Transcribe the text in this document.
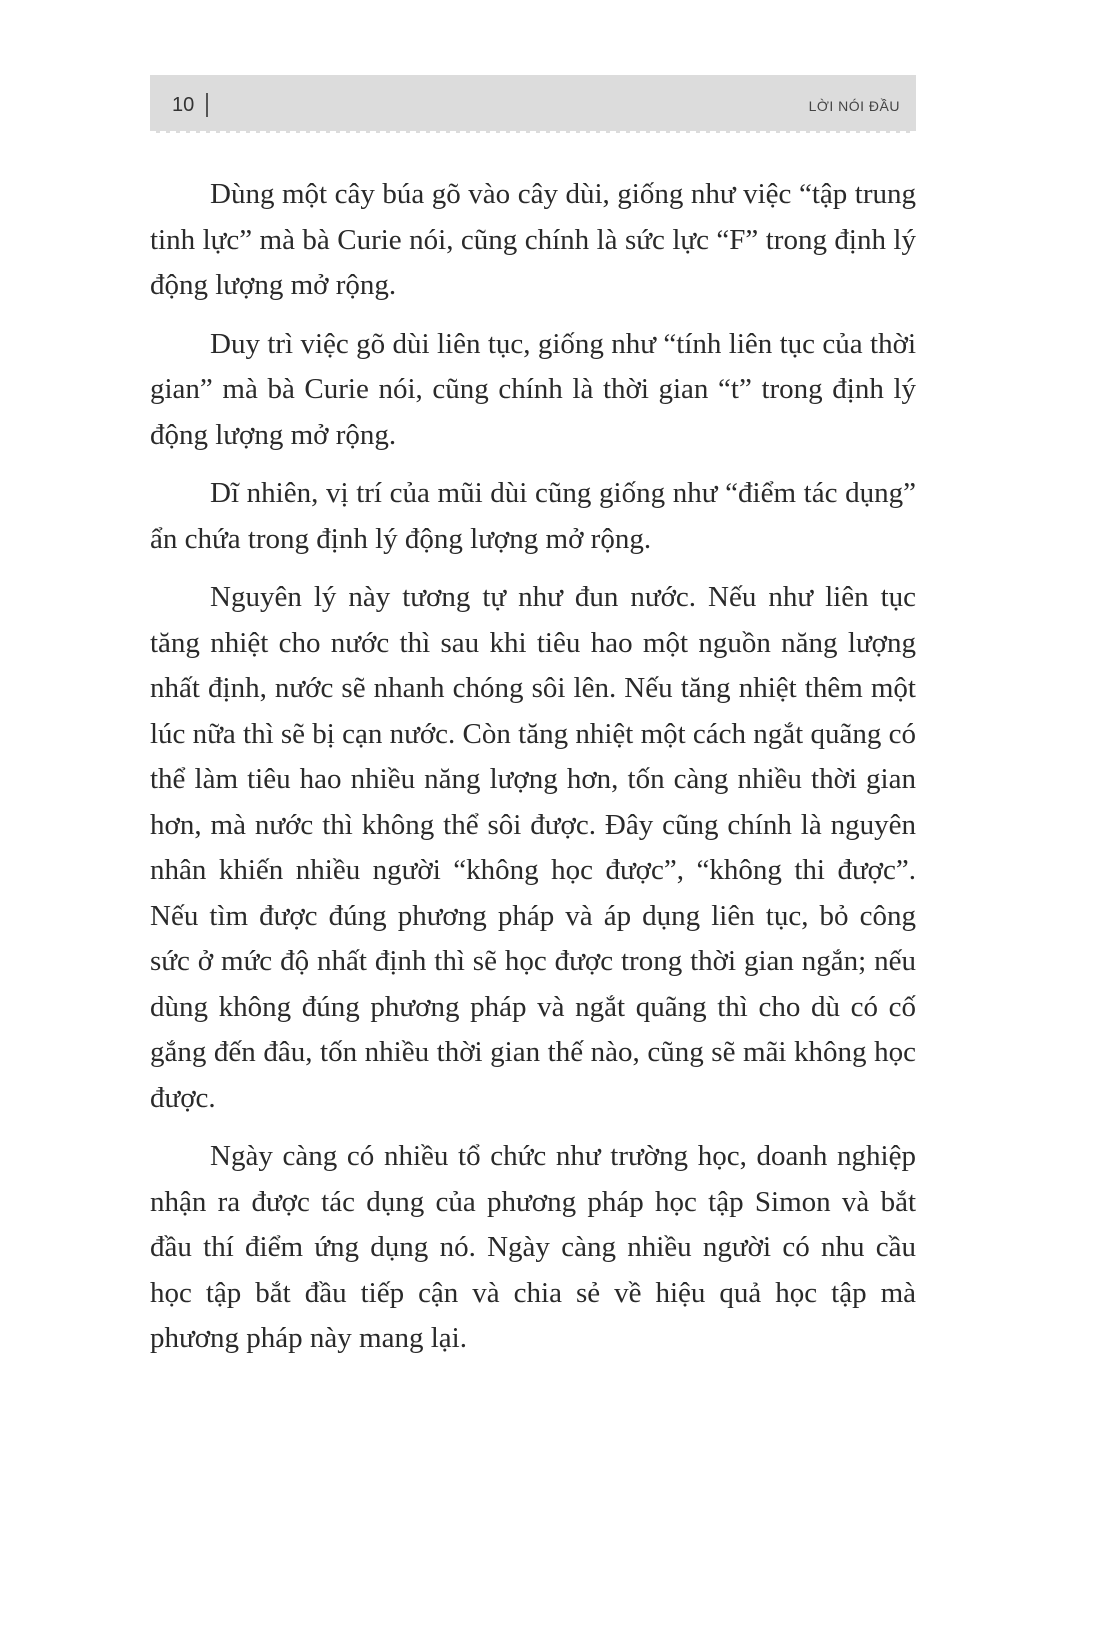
10	LỜI NÓI ĐẦU

Dùng một cây búa gõ vào cây dùi, giống như việc “tập trung tinh lực” mà bà Curie nói, cũng chính là sức lực “F” trong định lý động lượng mở rộng.

Duy trì việc gõ dùi liên tục, giống như “tính liên tục của thời gian” mà bà Curie nói, cũng chính là thời gian “t” trong định lý động lượng mở rộng.

Dĩ nhiên, vị trí của mũi dùi cũng giống như “điểm tác dụng” ẩn chứa trong định lý động lượng mở rộng.

Nguyên lý này tương tự như đun nước. Nếu như liên tục tăng nhiệt cho nước thì sau khi tiêu hao một nguồn năng lượng nhất định, nước sẽ nhanh chóng sôi lên. Nếu tăng nhiệt thêm một lúc nữa thì sẽ bị cạn nước. Còn tăng nhiệt một cách ngắt quãng có thể làm tiêu hao nhiều năng lượng hơn, tốn càng nhiều thời gian hơn, mà nước thì không thể sôi được. Đây cũng chính là nguyên nhân khiến nhiều người “không học được”, “không thi được”. Nếu tìm được đúng phương pháp và áp dụng liên tục, bỏ công sức ở mức độ nhất định thì sẽ học được trong thời gian ngắn; nếu dùng không đúng phương pháp và ngắt quãng thì cho dù có cố gắng đến đâu, tốn nhiều thời gian thế nào, cũng sẽ mãi không học được.

Ngày càng có nhiều tổ chức như trường học, doanh nghiệp nhận ra được tác dụng của phương pháp học tập Simon và bắt đầu thí điểm ứng dụng nó. Ngày càng nhiều người có nhu cầu học tập bắt đầu tiếp cận và chia sẻ về hiệu quả học tập mà phương pháp này mang lại.
